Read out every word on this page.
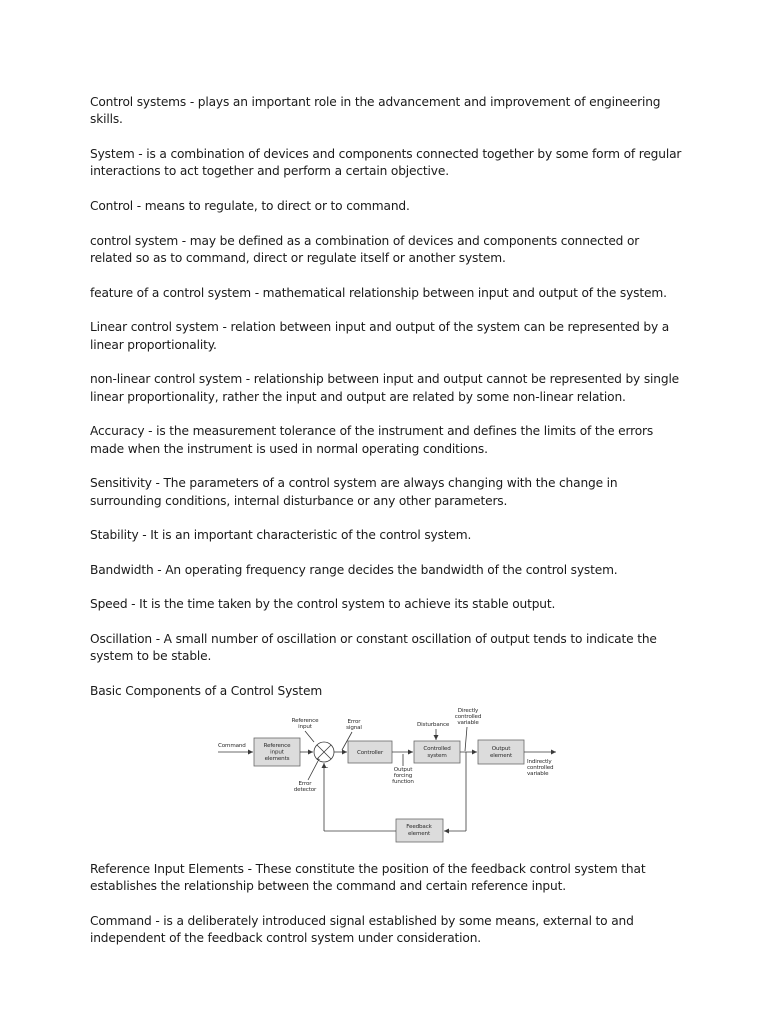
Control systems - plays an important role in the advancement and improvement of engineering skills.

System - is a combination of devices and components connected together by some form of regular interactions to act together and perform a certain objective.

Control - means to regulate, to direct or to command.

control system - may be defined as a combination of devices and components connected or related so as to command, direct or regulate itself or another system.

feature of a control system - mathematical relationship between input and output of the system.

Linear control system - relation between input and output of the system can be represented by a linear proportionality.

non-linear control system - relationship between input and output cannot be represented by single linear proportionality, rather the input and output are related by some non-linear relation.

Accuracy - is the measurement tolerance of the instrument and defines the limits of the errors made when the instrument is used in normal operating conditions.

Sensitivity - The parameters of a control system are always changing with the change in surrounding conditions, internal disturbance or any other parameters.

Stability - It is an important characteristic of the control system.

Bandwidth - An operating frequency range decides the bandwidth of the control system.

Speed - It is the time taken by the control system to achieve its stable output.

Oscillation - A small number of oscillation or constant oscillation of output tends to indicate the system to be stable.

Basic Components of a Control System

Command	Reference
input
elements
Reference
input
+
−
Error
signal
Error
detector
Controller
Output
forcing
function
Disturbance
Controlled
system
Directly
controlled
variable
Output
element
Indirectly
controlled
variable
Feedback
element

Reference Input Elements - These constitute the position of the feedback control system that establishes the relationship between the command and certain reference input.

Command - is a deliberately introduced signal established by some means, external to and independent of the feedback control system under consideration.
